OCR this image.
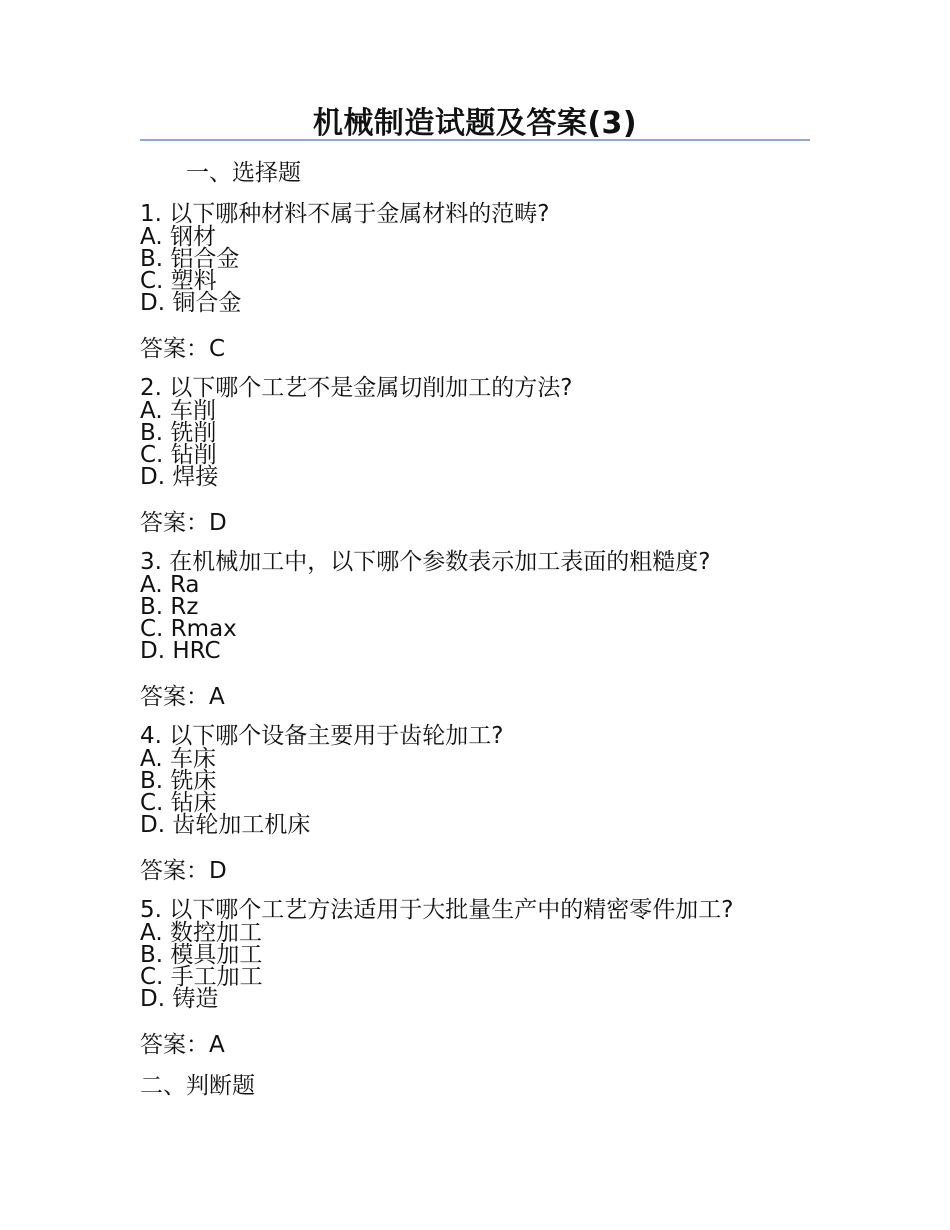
机械制造试题及答案(3)
一、选择题
1. 以下哪种材料不属于金属材料的范畴?
A. 钢材
B. 铝合金
C. 塑料
D. 铜合金
答案：C
2. 以下哪个工艺不是金属切削加工的方法?
A. 车削
B. 铣削
C. 钻削
D. 焊接
答案：D
3. 在机械加工中，以下哪个参数表示加工表面的粗糙度?
A. Ra
B. Rz
C. Rmax
D. HRC
答案：A
4. 以下哪个设备主要用于齿轮加工?
A. 车床
B. 铣床
C. 钻床
D. 齿轮加工机床
答案：D
5. 以下哪个工艺方法适用于大批量生产中的精密零件加工?
A. 数控加工
B. 模具加工
C. 手工加工
D. 铸造
答案：A
二、判断题
